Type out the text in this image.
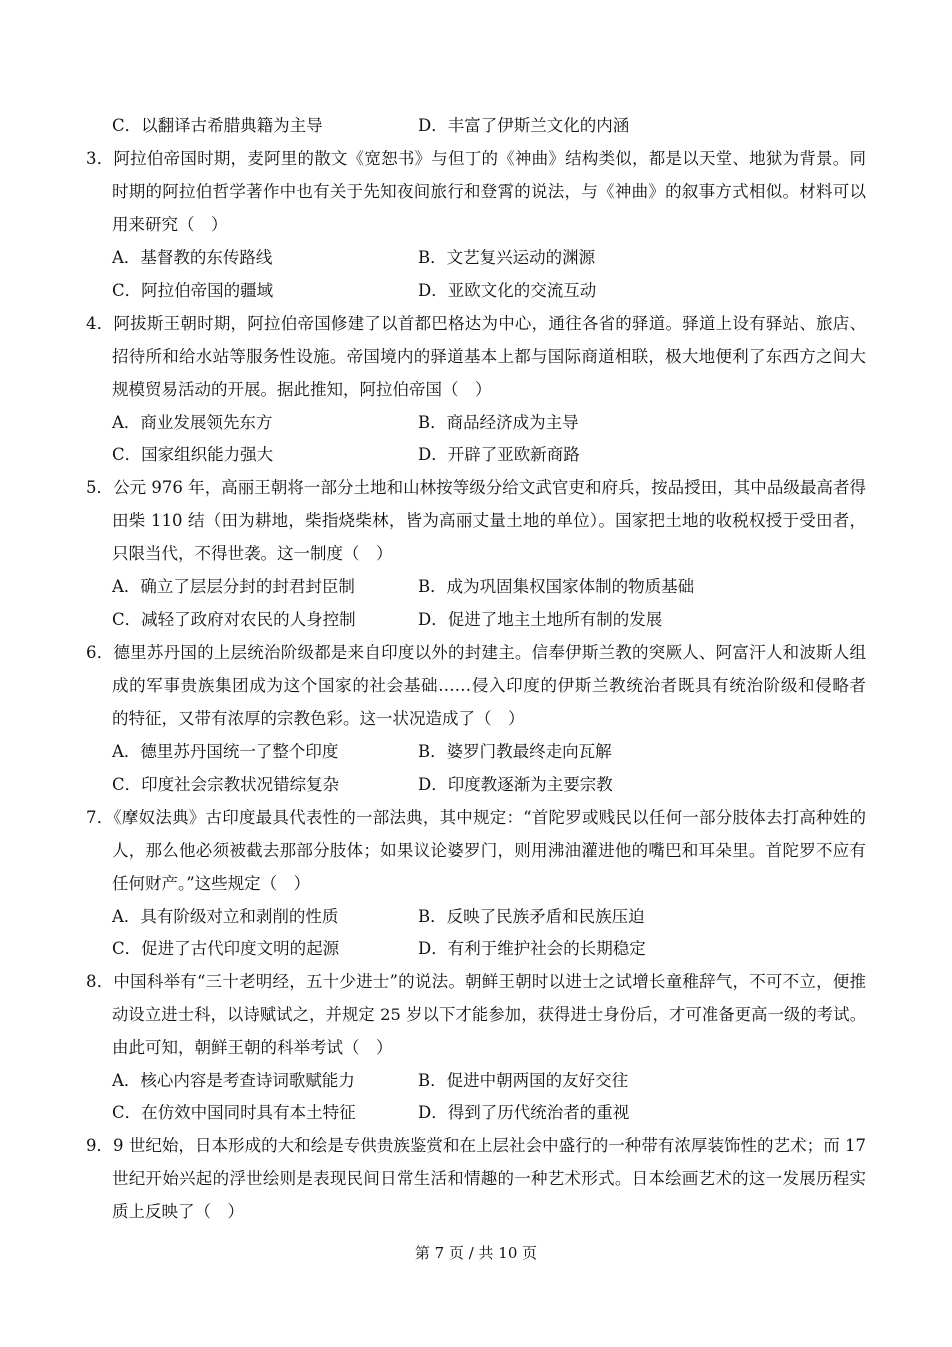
C．以翻译古希腊典籍为主导	D．丰富了伊斯兰文化的内涵
3．阿拉伯帝国时期，麦阿里的散文《宽恕书》与但丁的《神曲》结构类似，都是以天堂、地狱为背景。同
时期的阿拉伯哲学著作中也有关于先知夜间旅行和登霄的说法，与《神曲》的叙事方式相似。材料可以
用来研究（　）
A．基督教的东传路线	B．文艺复兴运动的渊源
C．阿拉伯帝国的疆域	D．亚欧文化的交流互动
4．阿拔斯王朝时期，阿拉伯帝国修建了以首都巴格达为中心，通往各省的驿道。驿道上设有驿站、旅店、
招待所和给水站等服务性设施。帝国境内的驿道基本上都与国际商道相联，极大地便利了东西方之间大
规模贸易活动的开展。据此推知，阿拉伯帝国（　）
A．商业发展领先东方	B．商品经济成为主导
C．国家组织能力强大	D．开辟了亚欧新商路
5．公元 976 年，高丽王朝将一部分土地和山林按等级分给文武官吏和府兵，按品授田，其中品级最高者得
田柴 110 结（田为耕地，柴指烧柴林，皆为高丽丈量土地的单位）。国家把土地的收税权授于受田者，
只限当代，不得世袭。这一制度（　）
A．确立了层层分封的封君封臣制	B．成为巩固集权国家体制的物质基础
C．减轻了政府对农民的人身控制	D．促进了地主土地所有制的发展
6．德里苏丹国的上层统治阶级都是来自印度以外的封建主。信奉伊斯兰教的突厥人、阿富汗人和波斯人组
成的军事贵族集团成为这个国家的社会基础……侵入印度的伊斯兰教统治者既具有统治阶级和侵略者
的特征，又带有浓厚的宗教色彩。这一状况造成了（　）
A．德里苏丹国统一了整个印度	B．婆罗门教最终走向瓦解
C．印度社会宗教状况错综复杂	D．印度教逐渐为主要宗教
7．《摩奴法典》古印度最具代表性的一部法典，其中规定：“首陀罗或贱民以任何一部分肢体去打高种姓的
人，那么他必须被截去那部分肢体；如果议论婆罗门，则用沸油灌进他的嘴巴和耳朵里。首陀罗不应有
任何财产。”这些规定（　）
A．具有阶级对立和剥削的性质	B．反映了民族矛盾和民族压迫
C．促进了古代印度文明的起源	D．有利于维护社会的长期稳定
8．中国科举有“三十老明经，五十少进士”的说法。朝鲜王朝时以进士之试增长童稚辞气，不可不立，便推
动设立进士科，以诗赋试之，并规定 25 岁以下才能参加，获得进士身份后，才可准备更高一级的考试。
由此可知，朝鲜王朝的科举考试（　）
A．核心内容是考查诗词歌赋能力	B．促进中朝两国的友好交往
C．在仿效中国同时具有本土特征	D．得到了历代统治者的重视
9．9 世纪始，日本形成的大和绘是专供贵族鉴赏和在上层社会中盛行的一种带有浓厚装饰性的艺术；而 17
世纪开始兴起的浮世绘则是表现民间日常生活和情趣的一种艺术形式。日本绘画艺术的这一发展历程实
质上反映了（　）
第 7 页 / 共 10 页
